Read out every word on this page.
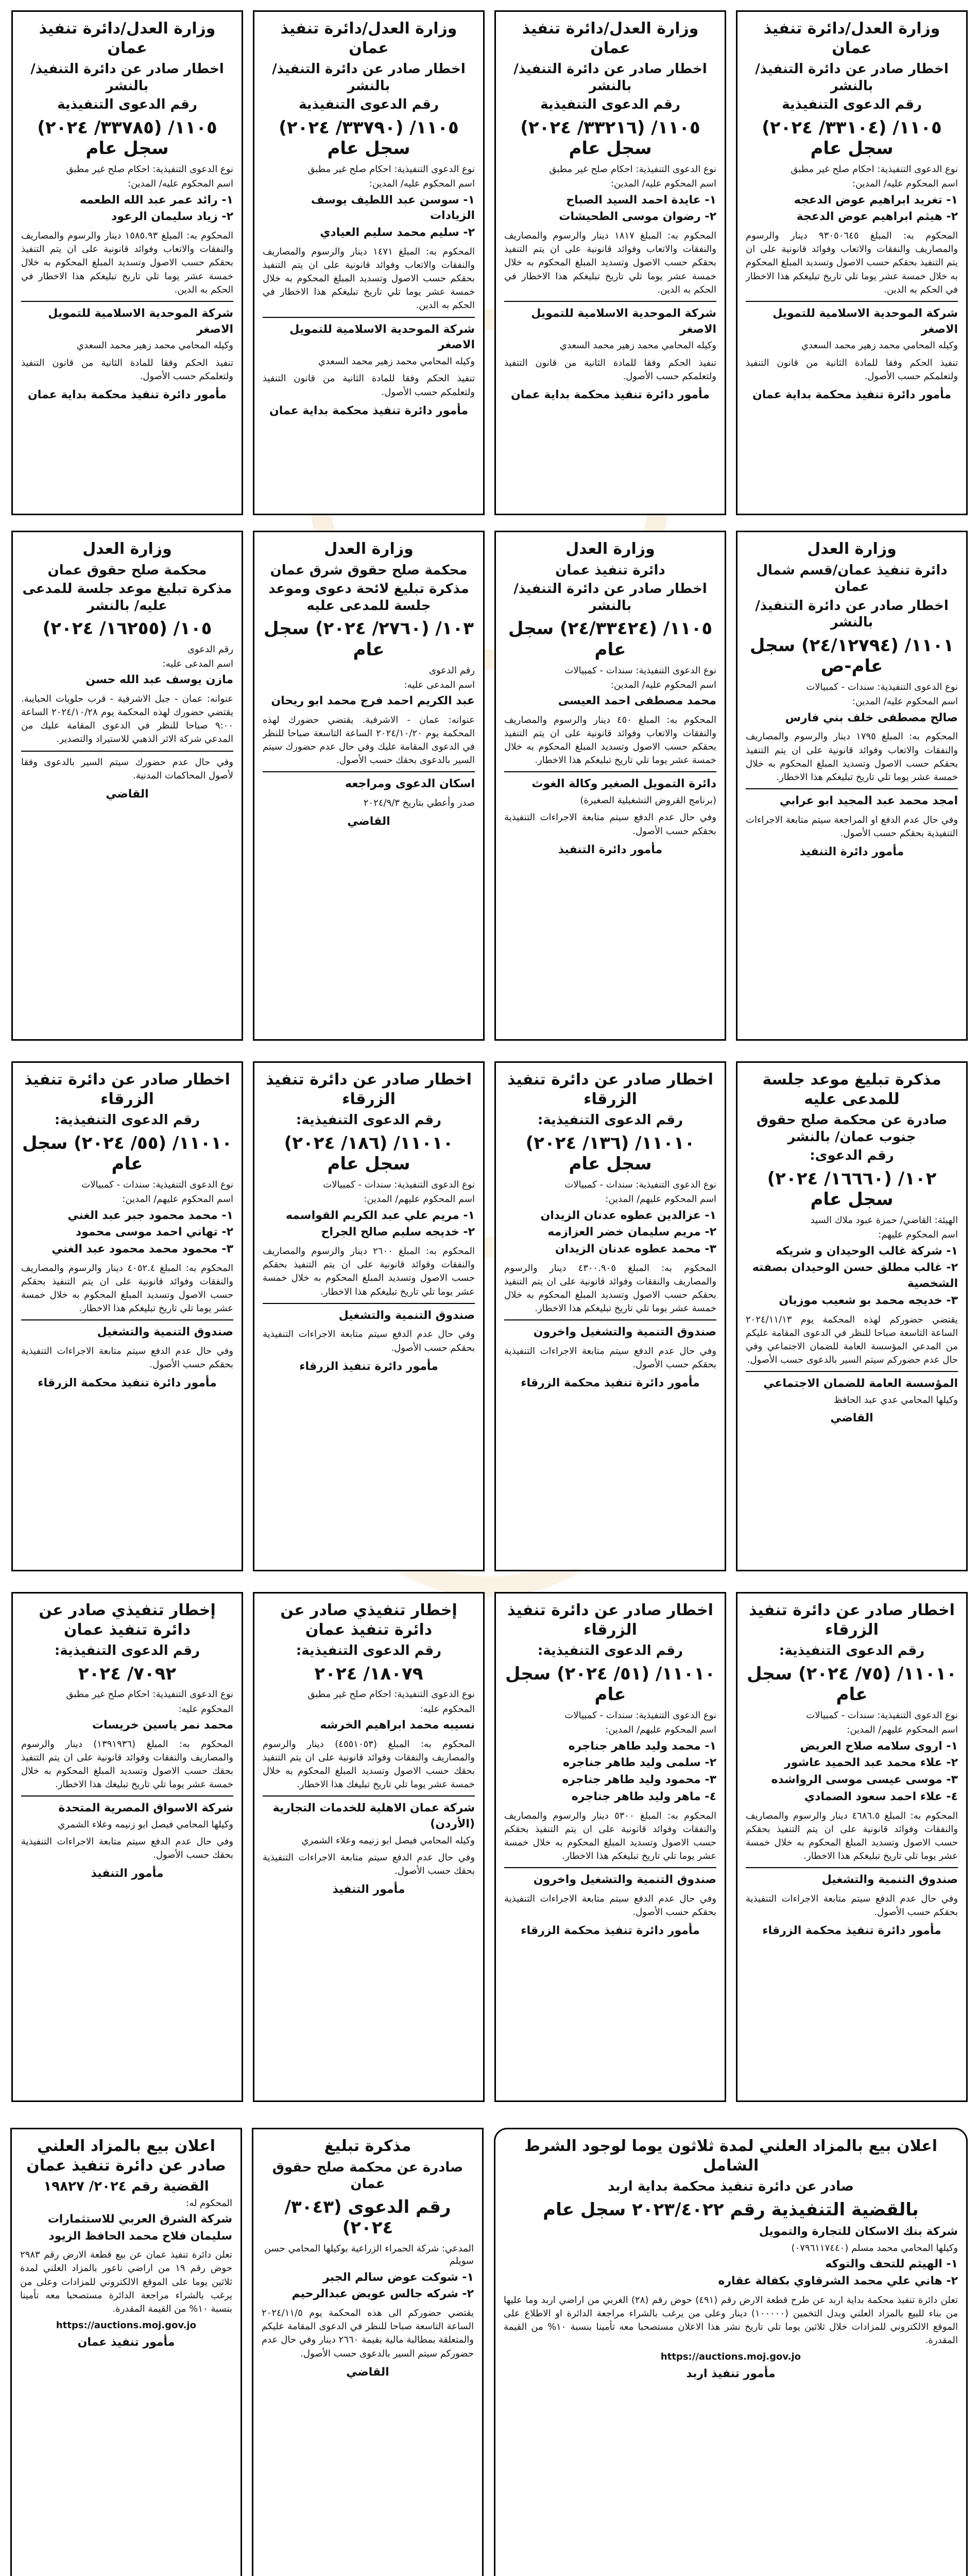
وزارة العدل/دائرة تنفيذ عمان
اخطار صادر عن دائرة التنفيذ/ بالنشر
رقم الدعوى التنفيذية
١١٠٥/ (٣٣١٠٤/ ٢٠٢٤) سجل عام
نوع الدعوى التنفيذية: احكام صلح غير مطبق
اسم المحكوم عليه/ المدين:
١- تغريد ابراهيم عوض الدعجه
٢- هيثم ابراهيم عوض الدعجة
المحكوم به: المبلغ ٩٣٠٥٠٦٤٥ دينار والرسوم والمصاريف والنفقات والاتعاب وفوائد قانونية على ان يتم التنفيذ بحقكم حسب الاصول وتسديد المبلغ المحكوم به خلال خمسة عشر يوما تلي تاريخ تبليغكم هذا الاخطار في الحكم به الدين.
شركة الموحدية الاسلامية للتمويل الاصغر
وكيله المحامي محمد زهير محمد السعدي
تنفيذ الحكم وفقا للمادة الثانية من قانون التنفيذ ولتعلمكم حسب الأصول.
مأمور دائرة تنفيذ محكمة بداية عمان
وزارة العدل/دائرة تنفيذ عمان
اخطار صادر عن دائرة التنفيذ/ بالنشر
رقم الدعوى التنفيذية
١١٠٥/ (٣٣٢١٦/ ٢٠٢٤) سجل عام
نوع الدعوى التنفيذية: احكام صلح غير مطبق
اسم المحكوم عليه/ المدين:
١- عايدة احمد السيد الصباح
٢- رضوان موسى الطحيشات
المحكوم به: المبلغ ١٨١٧ دينار والرسوم والمصاريف والنفقات والاتعاب وفوائد قانونية على ان يتم التنفيذ بحقكم حسب الاصول وتسديد المبلغ المحكوم به خلال خمسة عشر يوما تلي تاريخ تبليغكم هذا الاخطار في الحكم به الدين.
شركة الموحدية الاسلامية للتمويل الاصغر
وكيله المحامي محمد زهير محمد السعدي
تنفيذ الحكم وفقا للمادة الثانية من قانون التنفيذ ولتعلمكم حسب الأصول.
مأمور دائرة تنفيذ محكمة بداية عمان
وزارة العدل/دائرة تنفيذ عمان
اخطار صادر عن دائرة التنفيذ/ بالنشر
رقم الدعوى التنفيذية
١١٠٥/ (٣٣٧٩٠/ ٢٠٢٤) سجل عام
نوع الدعوى التنفيذية: احكام صلح غير مطبق
اسم المحكوم عليه/ المدين:
١- سوسن عبد اللطيف يوسف الزيادات
٢- سليم محمد سليم العيادي
المحكوم به: المبلغ ١٤٧١ دينار والرسوم والمصاريف والنفقات والاتعاب وفوائد قانونية على ان يتم التنفيذ بحقكم حسب الاصول وتسديد المبلغ المحكوم به خلال خمسة عشر يوما تلي تاريخ تبليغكم هذا الاخطار في الحكم به الدين.
شركة الموحدية الاسلامية للتمويل الاصغر
وكيله المحامي محمد زهير محمد السعدي
تنفيذ الحكم وفقا للمادة الثانية من قانون التنفيذ ولتعلمكم حسب الأصول.
مأمور دائرة تنفيذ محكمة بداية عمان
وزارة العدل/دائرة تنفيذ عمان
اخطار صادر عن دائرة التنفيذ/ بالنشر
رقم الدعوى التنفيذية
١١٠٥/ (٣٣٧٨٥/ ٢٠٢٤) سجل عام
نوع الدعوى التنفيذية: احكام صلح غير مطبق
اسم المحكوم عليه/ المدين:
١- رائد عمر عبد الله الطعمه
٢- زياد سليمان الرعود
المحكوم به: المبلغ ١٥٨٥.٩٣ دينار والرسوم والمصاريف والنفقات والاتعاب وفوائد قانونية على ان يتم التنفيذ بحقكم حسب الاصول وتسديد المبلغ المحكوم به خلال خمسة عشر يوما تلي تاريخ تبليغكم هذا الاخطار في الحكم به الدين.
شركة الموحدية الاسلامية للتمويل الاصغر
وكيله المحامي محمد زهير محمد السعدي
تنفيذ الحكم وفقا للمادة الثانية من قانون التنفيذ ولتعلمكم حسب الأصول.
مأمور دائرة تنفيذ محكمة بداية عمان
وزارة العدل
دائرة تنفيذ عمان/قسم شمال عمان
اخطار صادر عن دائرة التنفيذ/ بالنشر
١١٠١/ (٢٤/١٢٧٩٤) سجل عام-ص
نوع الدعوى التنفيذية: سندات - كمبيالات
اسم المحكوم عليه/ المدين:
صالح مصطفى خلف بني فارس
المحكوم به: المبلغ ١٧٩٥ دينار والرسوم والمصاريف والنفقات والاتعاب وفوائد قانونية على ان يتم التنفيذ بحقكم حسب الاصول وتسديد المبلغ المحكوم به خلال خمسة عشر يوما تلي تاريخ تبليغكم هذا الاخطار.
امجد محمد عبد المجيد ابو عرابي
وفي حال عدم الدفع او المراجعة سيتم متابعة الاجراءات التنفيذية بحقكم حسب الأصول.
مأمور دائرة التنفيذ
وزارة العدل
دائرة تنفيذ عمان
اخطار صادر عن دائرة التنفيذ/ بالنشر
١١٠٥/ (٢٤/٣٣٤٢٤) سجل عام
نوع الدعوى التنفيذية: سندات - كمبيالات
اسم المحكوم عليه/ المدين:
محمد مصطفى احمد العيسى
المحكوم به: المبلغ ٤٥٠ دينار والرسوم والمصاريف والنفقات والاتعاب وفوائد قانونية على ان يتم التنفيذ بحقكم حسب الاصول وتسديد المبلغ المحكوم به خلال خمسة عشر يوما تلي تاريخ تبليغكم هذا الاخطار.
دائرة التمويل الصغير وكالة الغوث
(برنامج القروض التشغيلية الصغيرة)
وفي حال عدم الدفع سيتم متابعة الاجراءات التنفيذية بحقكم حسب الأصول.
مأمور دائرة التنفيذ
وزارة العدل
محكمة صلح حقوق شرق عمان
مذكرة تبليغ لائحة دعوى وموعد جلسة للمدعى عليه
١٠٣/ (٢٧٦٠/ ٢٠٢٤) سجل عام
رقم الدعوى
اسم المدعى عليه:
عبد الكريم احمد فرج محمد ابو ريحان
عنوانه: عمان - الاشرفية. يقتضي حضورك لهذه المحكمة يوم ٢٠٢٤/١٠/٢٠ الساعة التاسعة صباحا للنظر في الدعوى المقامة عليك وفي حال عدم حضورك سيتم السير بالدعوى بحقك حسب الأصول.
اسكان الدعوى ومراجعه
صدر وأعطي بتاريخ ٢٠٢٤/٩/٣
القاضي
وزارة العدل
محكمة صلح حقوق عمان
مذكرة تبليغ موعد جلسة للمدعى عليه/ بالنشر
١٠٥/ (١٦٢٥٥/ ٢٠٢٤)
رقم الدعوى
اسم المدعى عليه:
مازن يوسف عبد الله حسن
عنوانه: عمان - جبل الاشرفية - قرب حلويات الحبايبة. يقتضي حضورك لهذه المحكمة يوم ٢٠٢٤/١٠/٢٨ الساعة ٩:٠٠ صباحا للنظر في الدعوى المقامة عليك من المدعي شركة الاثر الذهبي للاستيراد والتصدير.
وفي حال عدم حضورك سيتم السير بالدعوى وفقا لأصول المحاكمات المدنية.
القاضي
مذكرة تبليغ موعد جلسة للمدعى عليه
صادرة عن محكمة صلح حقوق جنوب عمان/ بالنشر
رقم الدعوى:
١٠٢/ (١٦٦٦٠/ ٢٠٢٤) سجل عام
الهيئة: القاضي/ حمزة عبود ملاك السيد
اسم المحكوم عليهم:
١- شركة غالب الوحيدان و شريكه
٢- غالب مطلق حسن الوحيدان بصفته الشخصية
٣- خديجه محمد بو شعيب موزيان
يقتضي حضوركم لهذه المحكمة يوم ٢٠٢٤/١١/١٣ الساعة التاسعة صباحا للنظر في الدعوى المقامة عليكم من المدعي المؤسسة العامة للضمان الاجتماعي وفي حال عدم حضوركم سيتم السير بالدعوى حسب الأصول.
المؤسسة العامة للضمان الاجتماعي
وكيلها المحامي عدي عبد الحافظ
القاضي
اخطار صادر عن دائرة تنفيذ الزرقاء
رقم الدعوى التنفيذية:
١١٠١٠/ (١٣٦/ ٢٠٢٤) سجل عام
نوع الدعوى التنفيذية: سندات - كمبيالات
اسم المحكوم عليهم/ المدين:
١- عزالدين عطوه عدنان الزيدان
٢- مريم سليمان خضر العزازمه
٣- محمد عطوه عدنان الزيدان
المحكوم به: المبلغ ٤٣٠٠.٩٠٥ دينار والرسوم والمصاريف والنفقات وفوائد قانونية على ان يتم التنفيذ بحقكم حسب الاصول وتسديد المبلغ المحكوم به خلال خمسة عشر يوما تلي تاريخ تبليغكم هذا الاخطار.
صندوق التنمية والتشغيل واخرون
وفي حال عدم الدفع سيتم متابعة الاجراءات التنفيذية بحقكم حسب الأصول.
مأمور دائرة تنفيذ محكمة الزرقاء
اخطار صادر عن دائرة تنفيذ الزرقاء
رقم الدعوى التنفيذية:
١١٠١٠/ (١٨٦/ ٢٠٢٤) سجل عام
نوع الدعوى التنفيذية: سندات - كمبيالات
اسم المحكوم عليهم/ المدين:
١- مريم علي عبد الكريم القواسمه
٢- خديجه سليم صالح الجراح
المحكوم به: المبلغ ٢٦٠٠ دينار والرسوم والمصاريف والنفقات وفوائد قانونية على ان يتم التنفيذ بحقكم حسب الاصول وتسديد المبلغ المحكوم به خلال خمسة عشر يوما تلي تاريخ تبليغكم هذا الاخطار.
صندوق التنمية والتشغيل
وفي حال عدم الدفع سيتم متابعة الاجراءات التنفيذية بحقكم حسب الأصول.
مأمور دائرة تنفيذ الزرقاء
اخطار صادر عن دائرة تنفيذ الزرقاء
رقم الدعوى التنفيذية:
١١٠١٠/ (٥٥/ ٢٠٢٤) سجل عام
نوع الدعوى التنفيذية: سندات - كمبيالات
اسم المحكوم عليهم/ المدين:
١- محمد محمود جبر عبد الغني
٢- تهاني احمد موسى محمود
٣- محمود محمد محمود عبد الغني
المحكوم به: المبلغ ٤٠٥٢.٤ دينار والرسوم والمصاريف والنفقات وفوائد قانونية على ان يتم التنفيذ بحقكم حسب الاصول وتسديد المبلغ المحكوم به خلال خمسة عشر يوما تلي تاريخ تبليغكم هذا الاخطار.
صندوق التنمية والتشغيل
وفي حال عدم الدفع سيتم متابعة الاجراءات التنفيذية بحقكم حسب الأصول.
مأمور دائرة تنفيذ محكمة الزرقاء
اخطار صادر عن دائرة تنفيذ الزرقاء
رقم الدعوى التنفيذية:
١١٠١٠/ (٧٥/ ٢٠٢٤) سجل عام
نوع الدعوى التنفيذية: سندات - كمبيالات
اسم المحكوم عليهم/ المدين:
١- اروى سلامه صلاح العريض
٢- علاء محمد عبد الحميد عاشور
٣- موسى عيسى موسى الرواشده
٤- علاء احمد سعود الصمادي
المحكوم به: المبلغ ٤٦٨٦.٥ دينار والرسوم والمصاريف والنفقات وفوائد قانونية على ان يتم التنفيذ بحقكم حسب الاصول وتسديد المبلغ المحكوم به خلال خمسة عشر يوما تلي تاريخ تبليغكم هذا الاخطار.
صندوق التنمية والتشغيل
وفي حال عدم الدفع سيتم متابعة الاجراءات التنفيذية بحقكم حسب الأصول.
مأمور دائرة تنفيذ محكمة الزرقاء
اخطار صادر عن دائرة تنفيذ الزرقاء
رقم الدعوى التنفيذية:
١١٠١٠/ (٥١/ ٢٠٢٤) سجل عام
نوع الدعوى التنفيذية: سندات - كمبيالات
اسم المحكوم عليهم/ المدين:
١- محمد وليد طاهر جناجره
٢- سلمى وليد طاهر جناجره
٣- محمود وليد طاهر جناجره
٤- ماهر وليد طاهر جناجره
المحكوم به: المبلغ ٥٣٠٠ دينار والرسوم والمصاريف والنفقات وفوائد قانونية على ان يتم التنفيذ بحقكم حسب الاصول وتسديد المبلغ المحكوم به خلال خمسة عشر يوما تلي تاريخ تبليغكم هذا الاخطار.
صندوق التنمية والتشغيل واخرون
وفي حال عدم الدفع سيتم متابعة الاجراءات التنفيذية بحقكم حسب الأصول.
مأمور دائرة تنفيذ محكمة الزرقاء
إخطار تنفيذي صادر عن دائرة تنفيذ عمان
رقم الدعوى التنفيذية:
١٨٠٧٩/ ٢٠٢٤
نوع الدعوى التنفيذية: احكام صلح غير مطبق
المحكوم عليه:
نسيبه محمد ابراهيم الخرشه
المحكوم به: المبلغ (٤٥٥١٠٥٣) دينار والرسوم والمصاريف والنفقات وفوائد قانونية على ان يتم التنفيذ بحقك حسب الاصول وتسديد المبلغ المحكوم به خلال خمسة عشر يوما تلي تاريخ تبليغك هذا الاخطار.
شركة عمان الاهلية للخدمات التجارية (الأردن)
وكيله المحامي فيصل ابو زنيمه وعلاء الشمري
وفي حال عدم الدفع سيتم متابعة الاجراءات التنفيذية بحقك حسب الأصول.
مأمور التنفيذ
إخطار تنفيذي صادر عن دائرة تنفيذ عمان
رقم الدعوى التنفيذية:
٧٠٩٢/ ٢٠٢٤
نوع الدعوى التنفيذية: احكام صلح غير مطبق
المحكوم عليه:
محمد نمر ياسين خريسات
المحكوم به: المبلغ (١٣٩١٩٣٦) دينار والرسوم والمصاريف والنفقات وفوائد قانونية على ان يتم التنفيذ بحقك حسب الاصول وتسديد المبلغ المحكوم به خلال خمسة عشر يوما تلي تاريخ تبليغك هذا الاخطار.
شركة الاسواق المصرية المتحدة
وكيلها المحامي فيصل ابو زنيمه وعلاء الشمري
وفي حال عدم الدفع سيتم متابعة الاجراءات التنفيذية بحقك حسب الأصول.
مأمور التنفيذ
اعلان بيع بالمزاد العلني لمدة ثلاثون يوما لوجود الشرط الشامل
صادر عن دائرة تنفيذ محكمة بداية اربد
بالقضية التنفيذية رقم ٢٠٢٣/٤٠٢٢ سجل عام
شركة بنك الاسكان للتجارة والتمويل
وكيلها المحامي محمد مسلم (٠٧٩٦١١٧٤٤٠)
١- الهيثم للتحف والتوكه
٢- هاني علي محمد الشرقاوي بكفالة عقاره
تعلن دائرة تنفيذ محكمة بداية اربد عن طرح قطعة الارض رقم (٤٩١) حوض رقم (٢٨) الغربي من اراضي اربد وما عليها من بناء للبيع بالمزاد العلني وبدل التخمين (١٠٠٠٠٠) دينار وعلى من يرغب بالشراء مراجعة الدائرة او الاطلاع على الموقع الالكتروني للمزادات خلال ثلاثين يوما تلي تاريخ نشر هذا الاعلان مستصحبا معه تأمينا بنسبة ١٠% من القيمة المقدرة.
https://auctions.moj.gov.jo
مأمور تنفيذ اربد
مذكرة تبليغ
صادرة عن محكمة صلح حقوق عمان
رقم الدعوى (٣٠٤٣/ ٢٠٢٤)
المدعي: شركة الحمراء الزراعية بوكيلها المحامي حسن سويلم
١- شوكت عوض سالم الجبر
٢- شركه جالس عويض عبدالرحيم
يقتضي حضوركم الى هذه المحكمة يوم ٢٠٢٤/١١/٥ الساعة التاسعة صباحا للنظر في الدعوى المقامة عليكم والمتعلقة بمطالبة مالية بقيمة ٢٦٦٠ دينار وفي حال عدم حضوركم سيتم السير بالدعوى حسب الأصول.
القاضي
اعلان بيع بالمزاد العلني صادر عن دائرة تنفيذ عمان
القضية رقم ٢٠٢٤/ ١٩٨٢٧
المحكوم له:
شركة الشرق العربي للاستثمارات
سليمان فلاح محمد الحافظ الزيود
تعلن دائرة تنفيذ عمان عن بيع قطعة الارض رقم ٢٩٨٣ حوض رقم ١٩ من اراضي ناعور بالمزاد العلني لمدة ثلاثين يوما على الموقع الالكتروني للمزادات وعلى من يرغب بالشراء مراجعة الدائرة مستصحبا معه تأمينا بنسبة ١٠% من القيمة المقدرة.
https://auctions.moj.gov.jo
مأمور تنفيذ عمان
